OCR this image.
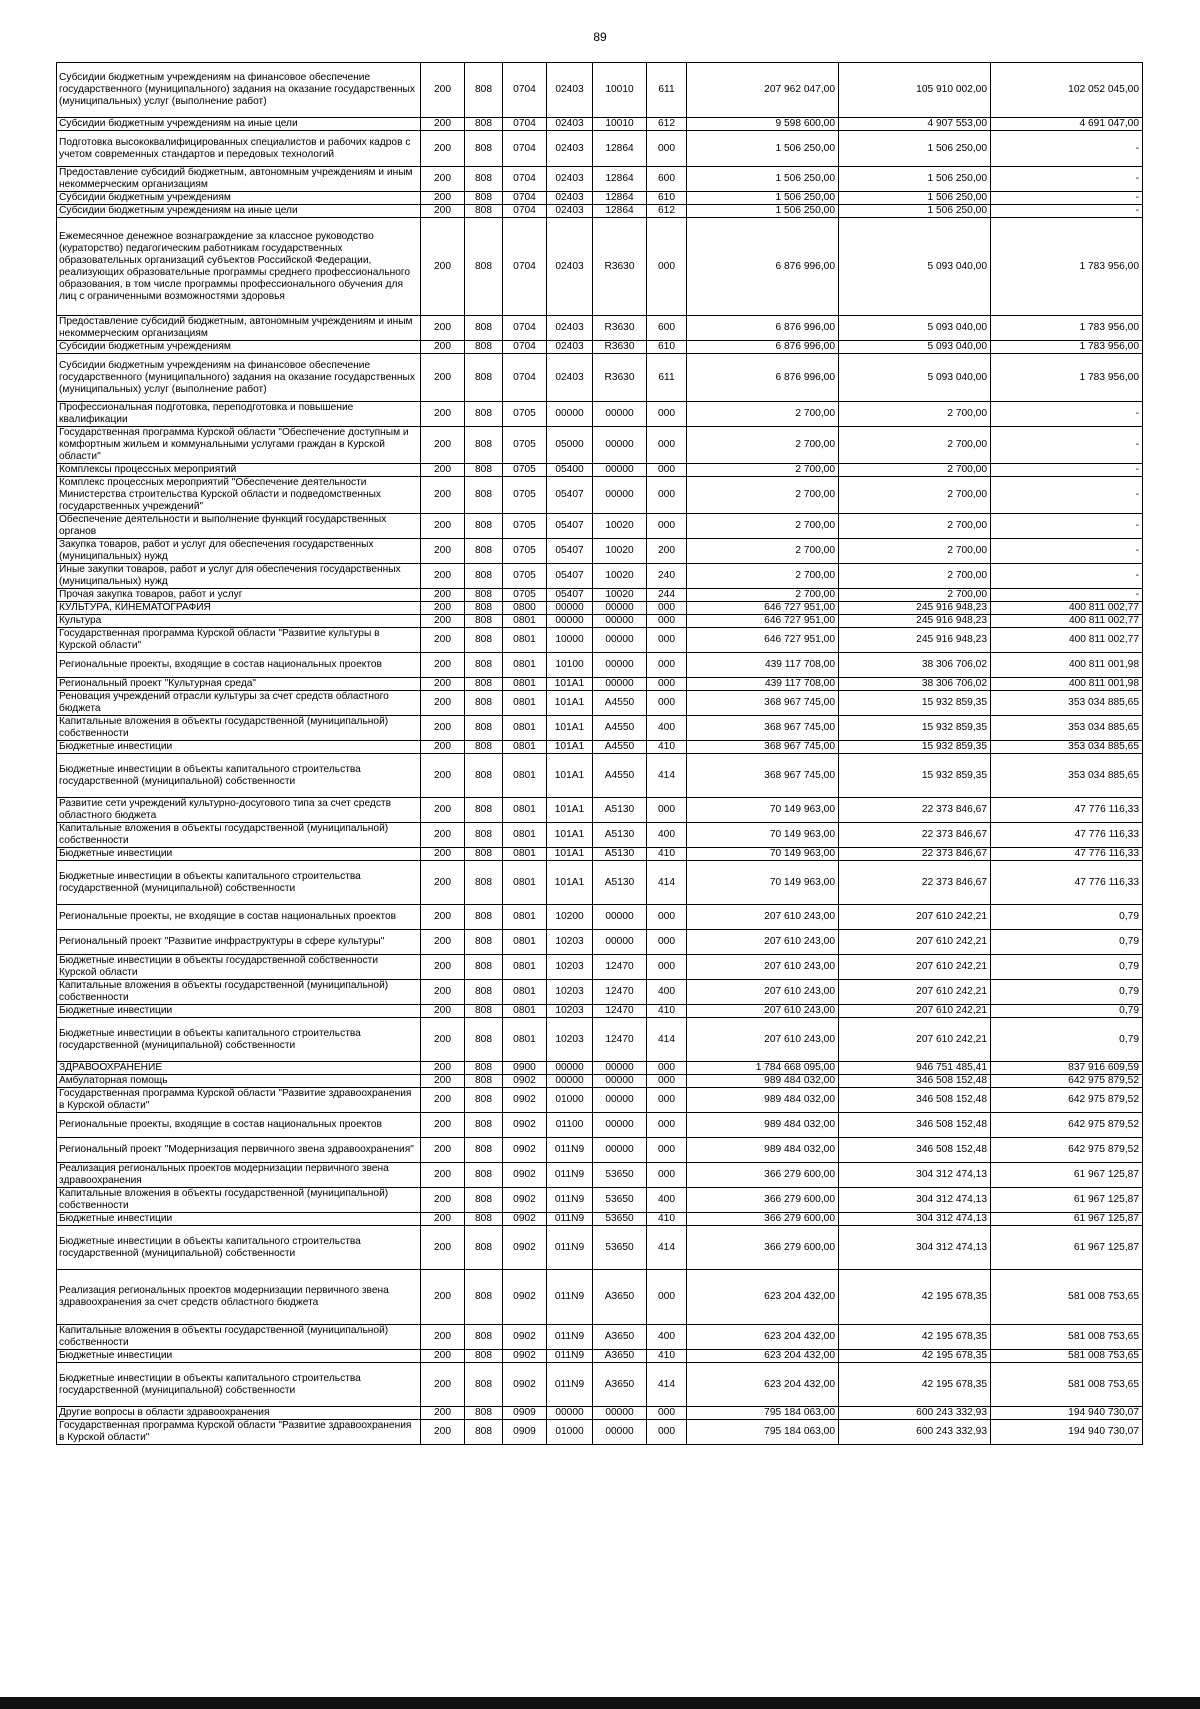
89
Субсидии бюджетным учреждениям на финансовое обеспечение государственного (муниципального) задания на оказание государственных (муниципальных) услуг (выполнение работ)	200	808	0704	02403	10010	611	207 962 047,00	105 910 002,00	102 052 045,00
Субсидии бюджетным учреждениям на иные цели	200	808	0704	02403	10010	612	9 598 600,00	4 907 553,00	4 691 047,00
Подготовка высококвалифицированных специалистов и рабочих кадров с учетом современных стандартов и передовых технологий	200	808	0704	02403	12864	000	1 506 250,00	1 506 250,00	-
Предоставление субсидий бюджетным, автономным учреждениям и иным некоммерческим организациям	200	808	0704	02403	12864	600	1 506 250,00	1 506 250,00	-
Субсидии бюджетным учреждениям	200	808	0704	02403	12864	610	1 506 250,00	1 506 250,00	-
Субсидии бюджетным учреждениям на иные цели	200	808	0704	02403	12864	612	1 506 250,00	1 506 250,00	-
Ежемесячное денежное вознаграждение за классное руководство (кураторство) педагогическим работникам государственных образовательных организаций субъектов Российской Федерации, реализующих образовательные программы среднего профессионального образования, в том числе программы профессионального обучения для лиц с ограниченными возможностями здоровья	200	808	0704	02403	R3630	000	6 876 996,00	5 093 040,00	1 783 956,00
Предоставление субсидий бюджетным, автономным учреждениям и иным некоммерческим организациям	200	808	0704	02403	R3630	600	6 876 996,00	5 093 040,00	1 783 956,00
Субсидии бюджетным учреждениям	200	808	0704	02403	R3630	610	6 876 996,00	5 093 040,00	1 783 956,00
Субсидии бюджетным учреждениям на финансовое обеспечение государственного (муниципального) задания на оказание государственных (муниципальных) услуг (выполнение работ)	200	808	0704	02403	R3630	611	6 876 996,00	5 093 040,00	1 783 956,00
Профессиональная подготовка, переподготовка и повышение квалификации	200	808	0705	00000	00000	000	2 700,00	2 700,00	-
Государственная программа Курской области "Обеспечение доступным и комфортным жильем и коммунальными услугами граждан в Курской области"	200	808	0705	05000	00000	000	2 700,00	2 700,00	-
Комплексы процессных мероприятий	200	808	0705	05400	00000	000	2 700,00	2 700,00	-
Комплекс процессных мероприятий "Обеспечение деятельности Министерства строительства Курской области и подведомственных государственных учреждений"	200	808	0705	05407	00000	000	2 700,00	2 700,00	-
Обеспечение деятельности и выполнение функций государственных органов	200	808	0705	05407	10020	000	2 700,00	2 700,00	-
Закупка товаров, работ и услуг для обеспечения государственных (муниципальных) нужд	200	808	0705	05407	10020	200	2 700,00	2 700,00	-
Иные закупки товаров, работ и услуг для обеспечения государственных (муниципальных) нужд	200	808	0705	05407	10020	240	2 700,00	2 700,00	-
Прочая закупка товаров, работ и услуг	200	808	0705	05407	10020	244	2 700,00	2 700,00	-
КУЛЬТУРА, КИНЕМАТОГРАФИЯ	200	808	0800	00000	00000	000	646 727 951,00	245 916 948,23	400 811 002,77
Культура	200	808	0801	00000	00000	000	646 727 951,00	245 916 948,23	400 811 002,77
Государственная программа Курской области "Развитие культуры в Курской области"	200	808	0801	10000	00000	000	646 727 951,00	245 916 948,23	400 811 002,77
Региональные проекты, входящие в состав национальных проектов	200	808	0801	10100	00000	000	439 117 708,00	38 306 706,02	400 811 001,98
Региональный проект "Культурная среда"	200	808	0801	101A1	00000	000	439 117 708,00	38 306 706,02	400 811 001,98
Реновация учреждений отрасли культуры за счет средств областного бюджета	200	808	0801	101A1	A4550	000	368 967 745,00	15 932 859,35	353 034 885,65
Капитальные вложения в объекты государственной (муниципальной) собственности	200	808	0801	101A1	A4550	400	368 967 745,00	15 932 859,35	353 034 885,65
Бюджетные инвестиции	200	808	0801	101A1	A4550	410	368 967 745,00	15 932 859,35	353 034 885,65
Бюджетные инвестиции в объекты капитального строительства государственной (муниципальной) собственности	200	808	0801	101A1	A4550	414	368 967 745,00	15 932 859,35	353 034 885,65
Развитие сети учреждений культурно-досугового типа за счет средств областного бюджета	200	808	0801	101A1	A5130	000	70 149 963,00	22 373 846,67	47 776 116,33
Капитальные вложения в объекты государственной (муниципальной) собственности	200	808	0801	101A1	A5130	400	70 149 963,00	22 373 846,67	47 776 116,33
Бюджетные инвестиции	200	808	0801	101A1	A5130	410	70 149 963,00	22 373 846,67	47 776 116,33
Бюджетные инвестиции в объекты капитального строительства государственной (муниципальной) собственности	200	808	0801	101A1	A5130	414	70 149 963,00	22 373 846,67	47 776 116,33
Региональные проекты, не входящие в состав национальных проектов	200	808	0801	10200	00000	000	207 610 243,00	207 610 242,21	0,79
Региональный проект "Развитие инфраструктуры в сфере культуры"	200	808	0801	10203	00000	000	207 610 243,00	207 610 242,21	0,79
Бюджетные инвестиции в объекты государственной собственности Курской области	200	808	0801	10203	12470	000	207 610 243,00	207 610 242,21	0,79
Капитальные вложения в объекты государственной (муниципальной) собственности	200	808	0801	10203	12470	400	207 610 243,00	207 610 242,21	0,79
Бюджетные инвестиции	200	808	0801	10203	12470	410	207 610 243,00	207 610 242,21	0,79
Бюджетные инвестиции в объекты капитального строительства государственной (муниципальной) собственности	200	808	0801	10203	12470	414	207 610 243,00	207 610 242,21	0,79
ЗДРАВООХРАНЕНИЕ	200	808	0900	00000	00000	000	1 784 668 095,00	946 751 485,41	837 916 609,59
Амбулаторная помощь	200	808	0902	00000	00000	000	989 484 032,00	346 508 152,48	642 975 879,52
Государственная программа Курской области "Развитие здравоохранения в Курской области"	200	808	0902	01000	00000	000	989 484 032,00	346 508 152,48	642 975 879,52
Региональные проекты, входящие в состав национальных проектов	200	808	0902	01100	00000	000	989 484 032,00	346 508 152,48	642 975 879,52
Региональный проект "Модернизация первичного звена здравоохранения"	200	808	0902	011N9	00000	000	989 484 032,00	346 508 152,48	642 975 879,52
Реализация региональных проектов модернизации первичного звена здравоохранения	200	808	0902	011N9	53650	000	366 279 600,00	304 312 474,13	61 967 125,87
Капитальные вложения в объекты государственной (муниципальной) собственности	200	808	0902	011N9	53650	400	366 279 600,00	304 312 474,13	61 967 125,87
Бюджетные инвестиции	200	808	0902	011N9	53650	410	366 279 600,00	304 312 474,13	61 967 125,87
Бюджетные инвестиции в объекты капитального строительства государственной (муниципальной) собственности	200	808	0902	011N9	53650	414	366 279 600,00	304 312 474,13	61 967 125,87
Реализация региональных проектов модернизации первичного звена здравоохранения за счет средств областного бюджета	200	808	0902	011N9	A3650	000	623 204 432,00	42 195 678,35	581 008 753,65
Капитальные вложения в объекты государственной (муниципальной) собственности	200	808	0902	011N9	A3650	400	623 204 432,00	42 195 678,35	581 008 753,65
Бюджетные инвестиции	200	808	0902	011N9	A3650	410	623 204 432,00	42 195 678,35	581 008 753,65
Бюджетные инвестиции в объекты капитального строительства государственной (муниципальной) собственности	200	808	0902	011N9	A3650	414	623 204 432,00	42 195 678,35	581 008 753,65
Другие вопросы в области здравоохранения	200	808	0909	00000	00000	000	795 184 063,00	600 243 332,93	194 940 730,07
Государственная программа Курской области "Развитие здравоохранения в Курской области"	200	808	0909	01000	00000	000	795 184 063,00	600 243 332,93	194 940 730,07
